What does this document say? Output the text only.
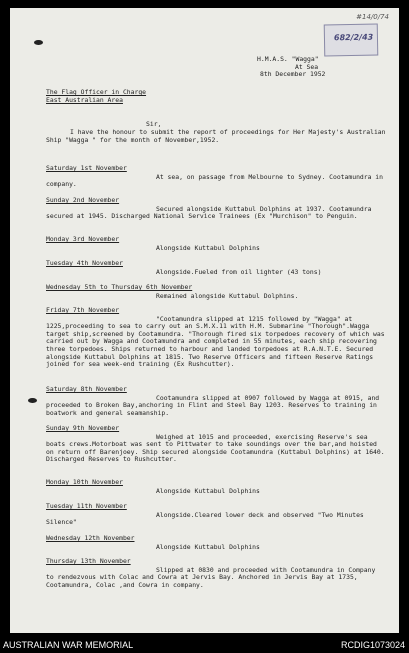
#14/0/74
682/2/43
H.M.A.S. "Wagga"
At Sea
8th December 1952
The Flag Officer in Charge
East Australian Area
Sir,
I have the honour to submit the report of proceedings for Her Majesty's Australian Ship "Wagga " for the month of November,1952.
Saturday 1st November
At sea, on passage from Melbourne to Sydney. Cootamundra in company.
Sunday 2nd November
Secured alongside Kuttabul Dolphins at 1937. Cootamundra secured at 1945. Discharged National Service Trainees (Ex "Murchison" to Penguin.
Monday 3rd November
Alongside Kuttabul Dolphins
Tuesday 4th November
Alongside.Fueled from oil lighter (43 tons)
Wednesday 5th to Thursday 6th November
Remained alongside Kuttabul Dolphins.
Friday 7th November
"Cootamundra slipped at 1215 followed by "Wagga" at 1225,proceeding to sea to carry out an S.M.X.11 with H.M. Submarine "Thorough".Wagga target ship,screened by Cootamundra. "Thorough fired six torpedoes recovery of which was carried out by Wagga and Cootamundra and completed in 55 minutes, each ship recovering three torpedoes. Ships returned to harbour and landed torpedoes at R.A.N.T.E. Secured alongside Kuttabul Dolphins at 1815. Two Reserve Officers and fifteen Reserve Ratings joined for sea week-end training (Ex Rushcutter).
Saturday 8th November
Cootamundra slipped at 0907 followed by Wagga at 0915, and proceeded to Broken Bay,anchoring in Flint and Steel Bay 1203. Reserves to training in boatwork and general seamanship.
Sunday 9th November
Weighed at 1015 and proceeded, exercising Reserve's sea boats crews.Motorboat was sent to Pittwater to take soundings over the bar,and hoisted on return off Barenjoey. Ship secured alongside Cootamundra (Kuttabul Dolphins) at 1640. Discharged Reserves to Rushcutter.
Monday 10th November
Alongside Kuttabul Dolphins
Tuesday 11th November
Alongside.Cleared lower deck and observed "Two Minutes Silence"
Wednesday 12th November
Alongside Kuttabul Dolphins
Thursday 13th November
Slipped at 0830 and proceeded with Cootamundra in Company to rendezvous with Colac and Cowra at Jervis Bay. Anchored in Jervis Bay at 1735, Cootamundra, Colac ,and Cowra in company.
AUSTRALIAN WAR MEMORIAL	RCDIG1073024
